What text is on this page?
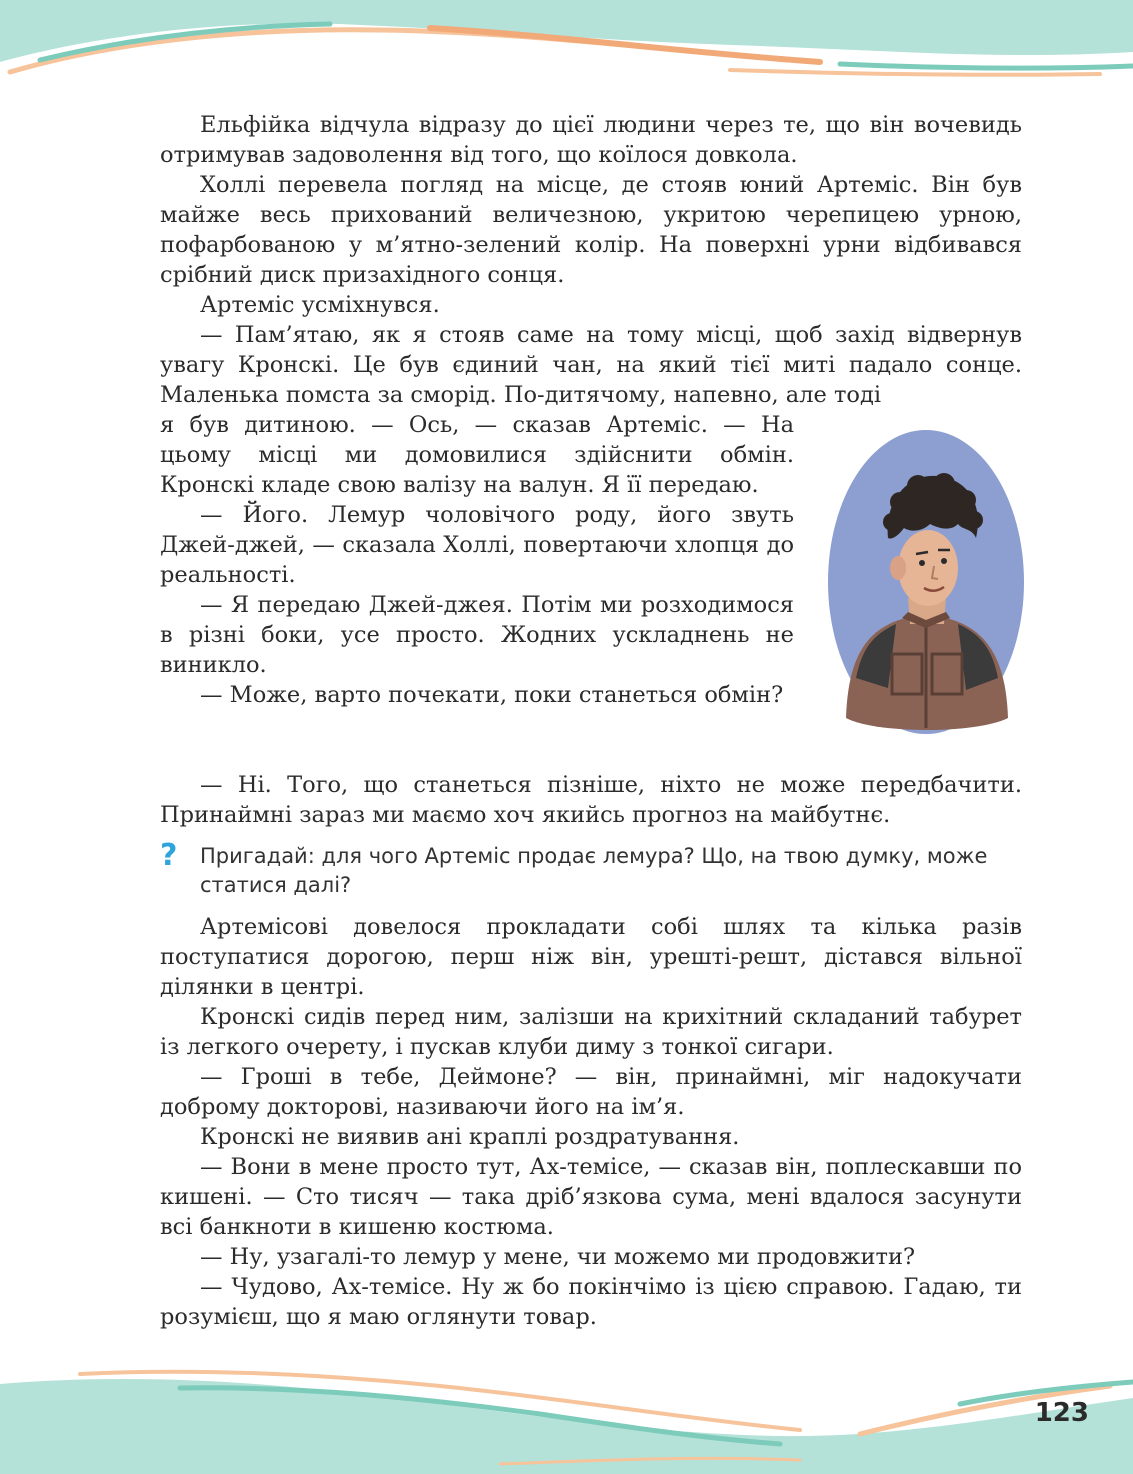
Ельфійка відчула відразу до цієї людини через те, що він вочевидь отримував задоволення від того, що коїлося довкола.

Холлі перевела погляд на місце, де стояв юний Артеміс. Він був майже весь прихований величезною, укритою черепицею урною, пофарбованою у м’ятно-зелений колір. На поверхні урни відбивався срібний диск призахідного сонця.

Артеміс усміхнувся.

— Пам’ятаю, як я стояв саме на тому місці, щоб захід відвернув увагу Кронскі. Це був єдиний чан, на який тієї миті падало сонце. Маленька помста за сморід. По-дитячому, напевно, але тоді

я був дитиною. — Ось, — сказав Артеміс. — На цьому місці ми домовилися здійснити обмін. Кронскі кладе свою валізу на валун. Я її передаю.

— Його. Лемур чоловічого роду, його звуть Джей-джей, — сказала Холлі, повертаючи хлопця до реальності.

— Я передаю Джей-джея. Потім ми розходимося в різні боки, усе просто. Жодних ускладнень не виникло.

— Може, варто почекати, поки станеться обмін?

— Ні. Того, що станеться пізніше, ніхто не може передбачити. Принаймні зараз ми маємо хоч якийсь прогноз на майбутнє.

? Пригадай: для чого Артеміс продає лемура? Що, на твою думку, може статися далі?

Артемісові довелося прокладати собі шлях та кілька разів поступатися дорогою, перш ніж він, урешті-решт, дістався вільної ділянки в центрі.

Кронскі сидів перед ним, залізши на крихітний складаний табурет із легкого очерету, і пускав клуби диму з тонкої сигари.

— Гроші в тебе, Деймоне? — він, принаймні, міг надокучати доброму докторові, називаючи його на ім’я.

Кронскі не виявив ані краплі роздратування.

— Вони в мене просто тут, Ах-темісе, — сказав він, поплескавши по кишені. — Сто тисяч — така дріб’язкова сума, мені вдалося засунути всі банкноти в кишеню костюма.

— Ну, узагалі-то лемур у мене, чи можемо ми продовжити?

— Чудово, Ах-темісе. Ну ж бо покінчімо із цією справою. Гадаю, ти розумієш, що я маю оглянути товар.

123
